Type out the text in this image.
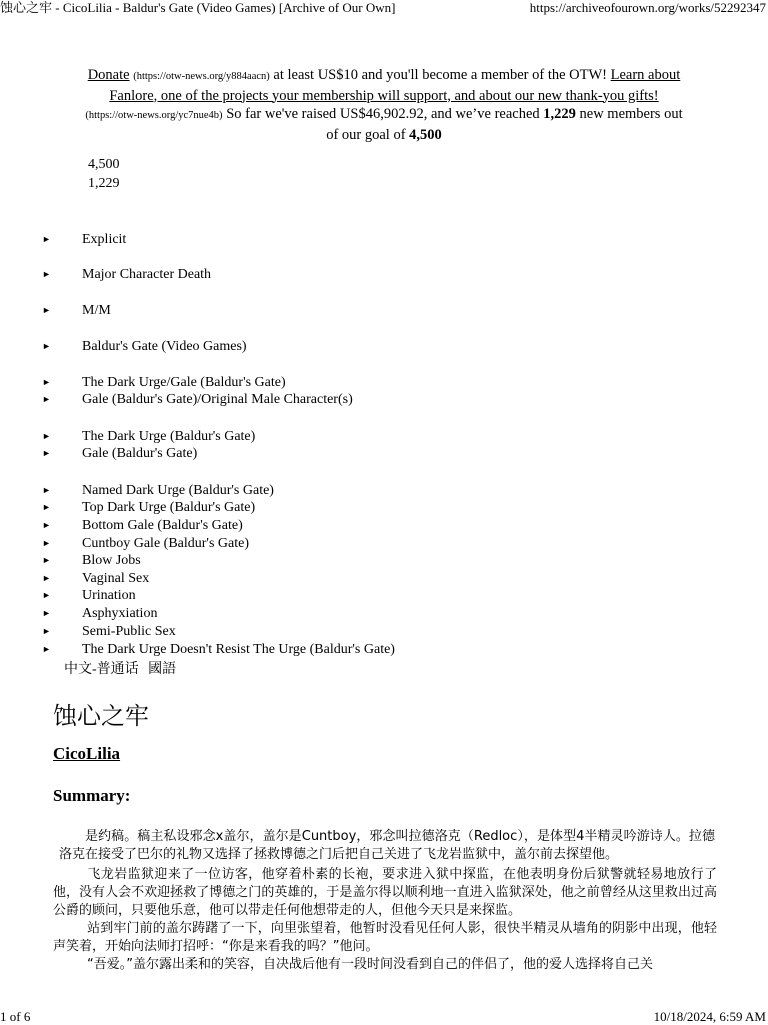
蚀心之牢 - CicoLilia - Baldur's Gate (Video Games) [Archive of Our Own]	https://archiveofourown.org/works/52292347
Donate (https://otw-news.org/y884aacn) at least US$10 and you'll become a member of the OTW! Learn about Fanlore, one of the projects your membership will support, and about our new thank-you gifts! (https://otw-news.org/yc7nue4b) So far we've raised US$46,902.92, and we’ve reached 1,229 new members out of our goal of 4,500
4,500
1,229
► Explicit
► Major Character Death
► M/M
► Baldur's Gate (Video Games)
► The Dark Urge/Gale (Baldur's Gate)
► Gale (Baldur's Gate)/Original Male Character(s)
► The Dark Urge (Baldur's Gate)
► Gale (Baldur's Gate)
► Named Dark Urge (Baldur's Gate)
► Top Dark Urge (Baldur's Gate)
► Bottom Gale (Baldur's Gate)
► Cuntboy Gale (Baldur's Gate)
► Blow Jobs
► Vaginal Sex
► Urination
► Asphyxiation
► Semi-Public Sex
► The Dark Urge Doesn't Resist The Urge (Baldur's Gate)
中文-普通话 國語
蚀心之牢
CicoLilia
Summary:
是约稿。稿主私设邪念x盖尔，盖尔是Cuntboy，邪念叫拉德洛克（Redloc），是体型4半精灵吟游诗人。拉德洛克在接受了巴尔的礼物又选择了拯救博德之门后把自己关进了飞龙岩监狱中，盖尔前去探望他。
飞龙岩监狱迎来了一位访客，他穿着朴素的长袍，要求进入狱中探监，在他表明身份后狱警就轻易地放行了他，没有人会不欢迎拯救了博德之门的英雄的，于是盖尔得以顺利地一直进入监狱深处，他之前曾经从这里救出过高公爵的顾问，只要他乐意，他可以带走任何他想带走的人，但他今天只是来探监。
站到牢门前的盖尔踌躇了一下，向里张望着，他暂时没看见任何人影，很快半精灵从墙角的阴影中出现，他轻声笑着，开始向法师打招呼：“你是来看我的吗？”他问。
“吾爱。”盖尔露出柔和的笑容，自决战后他有一段时间没看到自己的伴侣了，他的爱人选择将自己关
1 of 6	10/18/2024, 6:59 AM
